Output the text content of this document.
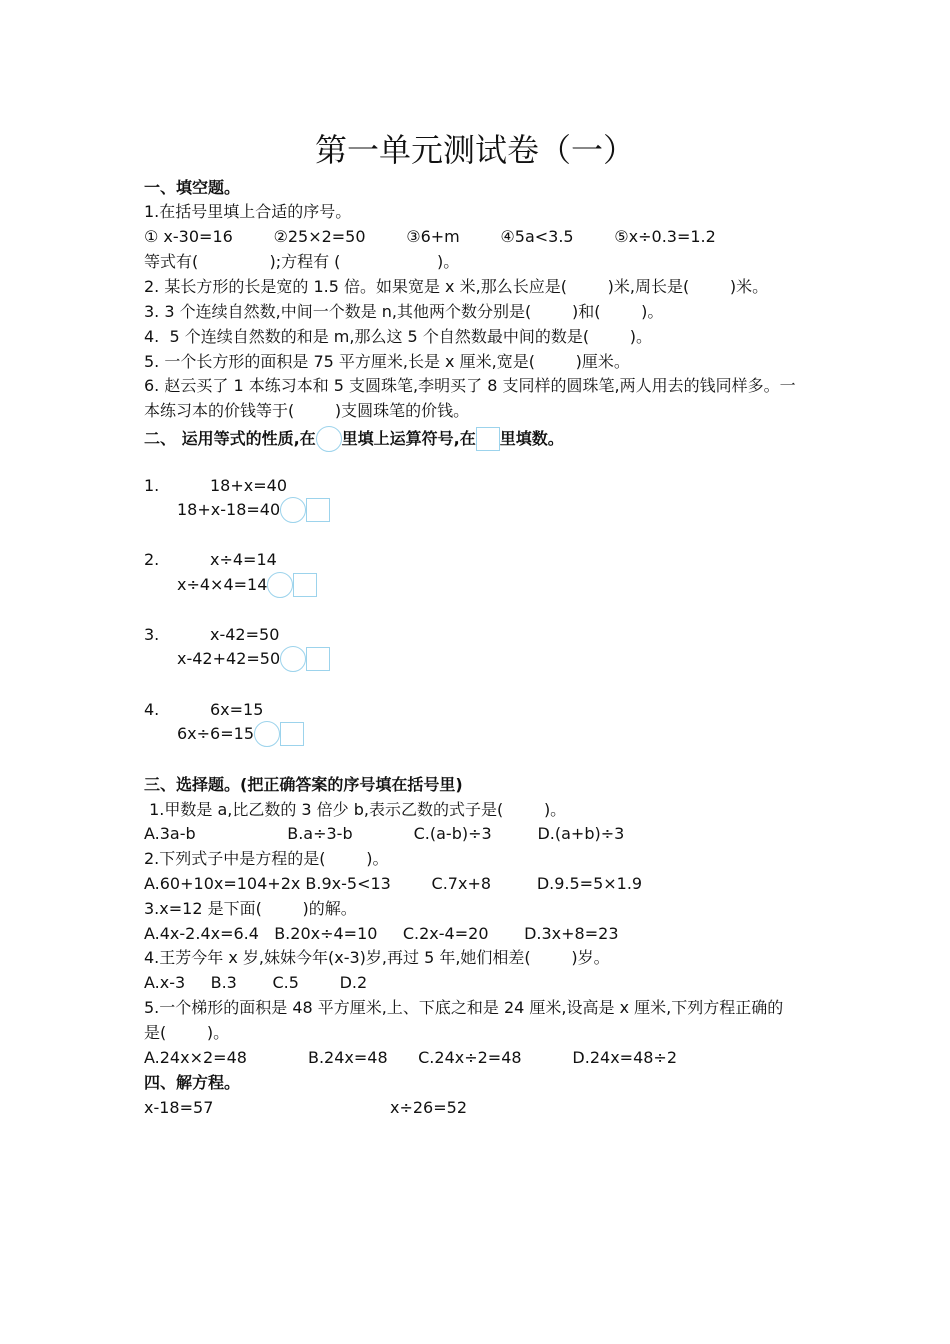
第一单元测试卷（一）
一、填空题。
1.在括号里填上合适的序号。
① x-30=16        ②25×2=50        ③6+m        ④5a<3.5        ⑤x÷0.3=1.2
等式有(              );方程有 (                   )。
2. 某长方形的长是宽的 1.5 倍。如果宽是 x 米,那么长应是(        )米,周长是(        )米。
3. 3 个连续自然数,中间一个数是 n,其他两个数分别是(        )和(        )。
4.  5 个连续自然数的和是 m,那么这 5 个自然数最中间的数是(        )。
5. 一个长方形的面积是 75 平方厘米,长是 x 厘米,宽是(        )厘米。
6. 赵云买了 1 本练习本和 5 支圆珠笔,李明买了 8 支同样的圆珠笔,两人用去的钱同样多。一
本练习本的价钱等于(        )支圆珠笔的价钱。
二、 运用等式的性质,在 里填上运算符号,在 里填数。
1.	18+x=40
18+x-18=40
2.	x÷4=14
x÷4×4=14
3.	x-42=50
x-42+42=50
4.	6x=15
6x÷6=15
三、选择题。(把正确答案的序号填在括号里)
1.甲数是 a,比乙数的 3 倍少 b,表示乙数的式子是(        )。
A.3a-b                  B.a÷3-b            C.(a-b)÷3         D.(a+b)÷3
2.下列式子中是方程的是(        )。
A.60+10x=104+2x B.9x-5<13        C.7x+8         D.9.5=5×1.9
3.x=12 是下面(        )的解。
A.4x-2.4x=6.4   B.20x÷4=10     C.2x-4=20       D.3x+8=23
4.王芳今年 x 岁,妹妹今年(x-3)岁,再过 5 年,她们相差(        )岁。
A.x-3     B.3       C.5        D.2
5.一个梯形的面积是 48 平方厘米,上、下底之和是 24 厘米,设高是 x 厘米,下列方程正确的
是(        )。
A.24x×2=48            B.24x=48      C.24x÷2=48          D.24x=48÷2
四、解方程。
x-18=57	x÷26=52
